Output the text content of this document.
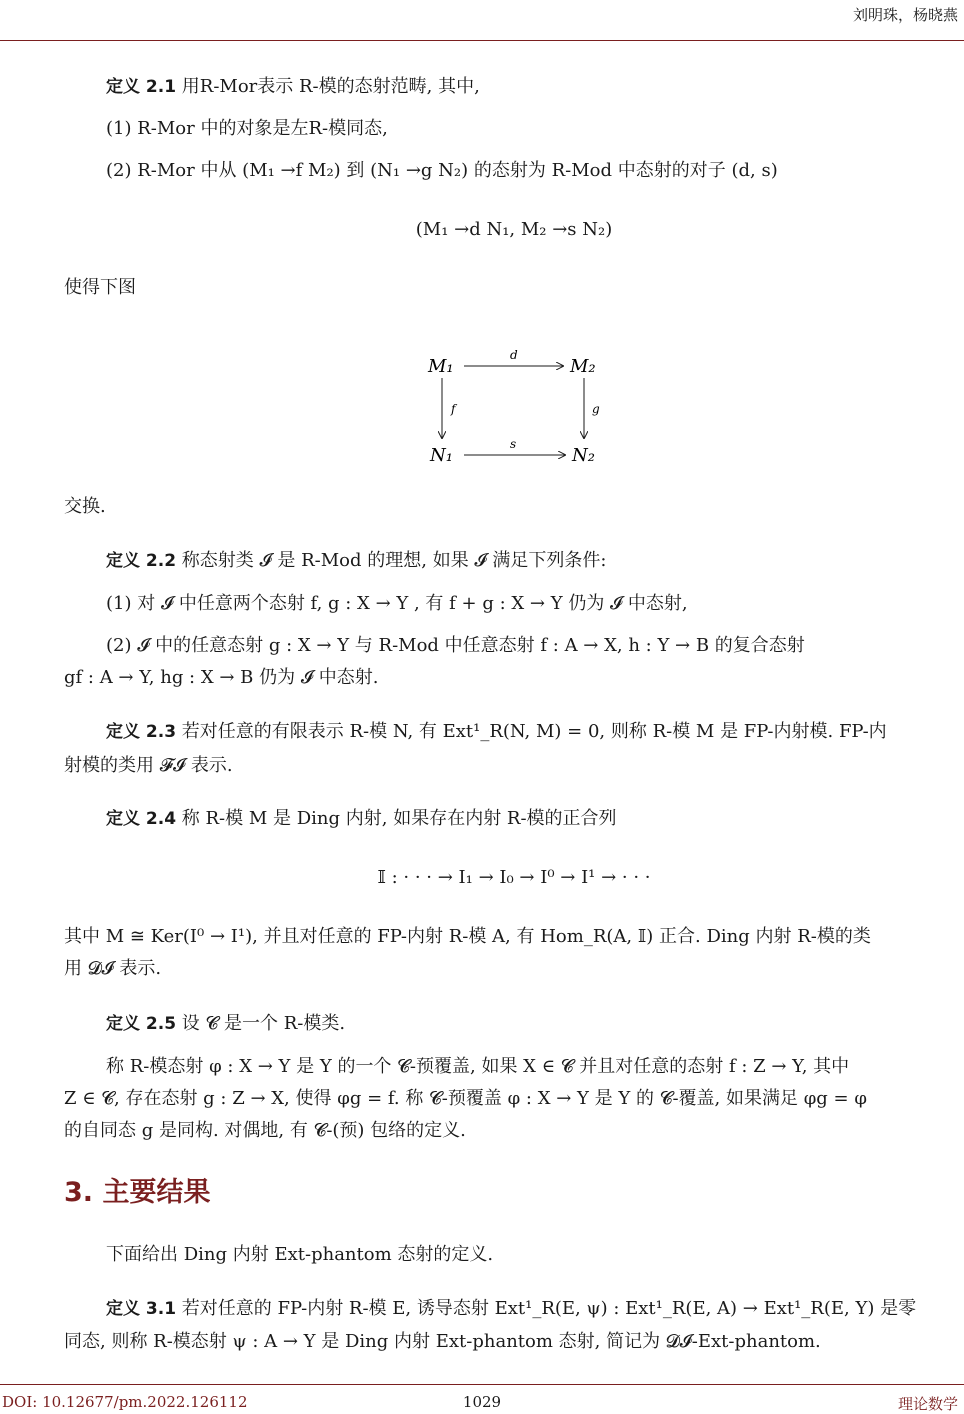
刘明珠，杨晓燕
定义 2.1 用R-Mor表示 R-模的态射范畴, 其中,
(1) R-Mor 中的对象是左R-模同态,
(2) R-Mor 中从 (M₁ →f M₂) 到 (N₁ →g N₂) 的态射为 R-Mod 中态射的对子 (d, s)
(M₁ →d N₁, M₂ →s N₂)
使得下图
M₁	M₂
N₁	N₂
d
s
f	g
交换.
定义 2.2 称态射类 𝓘 是 R-Mod 的理想, 如果 𝓘 满足下列条件:
(1) 对 𝓘 中任意两个态射 f, g : X → Y , 有 f + g : X → Y 仍为 𝓘 中态射,
(2) 𝓘 中的任意态射 g : X → Y 与 R-Mod 中任意态射 f : A → X, h : Y → B 的复合态射
gf : A → Y, hg : X → B 仍为 𝓘 中态射.
定义 2.3 若对任意的有限表示 R-模 N, 有 Ext¹_R(N, M) = 0, 则称 R-模 M 是 FP-内射模. FP-内
射模的类用 𝓕𝓘 表示.
定义 2.4 称 R-模 M 是 Ding 内射, 如果存在内射 R-模的正合列
𝕀 : · · · → I₁ → I₀ → I⁰ → I¹ → · · ·
其中 M ≅ Ker(I⁰ → I¹), 并且对任意的 FP-内射 R-模 A, 有 Hom_R(A, 𝕀) 正合. Ding 内射 R-模的类
用 𝓓𝓘 表示.
定义 2.5 设 𝓒 是一个 R-模类.
称 R-模态射 φ : X → Y 是 Y 的一个 𝓒-预覆盖, 如果 X ∈ 𝓒 并且对任意的态射 f : Z → Y, 其中
Z ∈ 𝓒, 存在态射 g : Z → X, 使得 φg = f. 称 𝓒-预覆盖 φ : X → Y 是 Y 的 𝓒-覆盖, 如果满足 φg = φ
的自同态 g 是同构. 对偶地, 有 𝓒-(预) 包络的定义.
3. 主要结果
下面给出 Ding 内射 Ext-phantom 态射的定义.
定义 3.1 若对任意的 FP-内射 R-模 E, 诱导态射 Ext¹_R(E, ψ) : Ext¹_R(E, A) → Ext¹_R(E, Y) 是零
同态, 则称 R-模态射 ψ : A → Y 是 Ding 内射 Ext-phantom 态射, 简记为 𝓓𝓘-Ext-phantom.
DOI: 10.12677/pm.2022.126112	1029	理论数学
